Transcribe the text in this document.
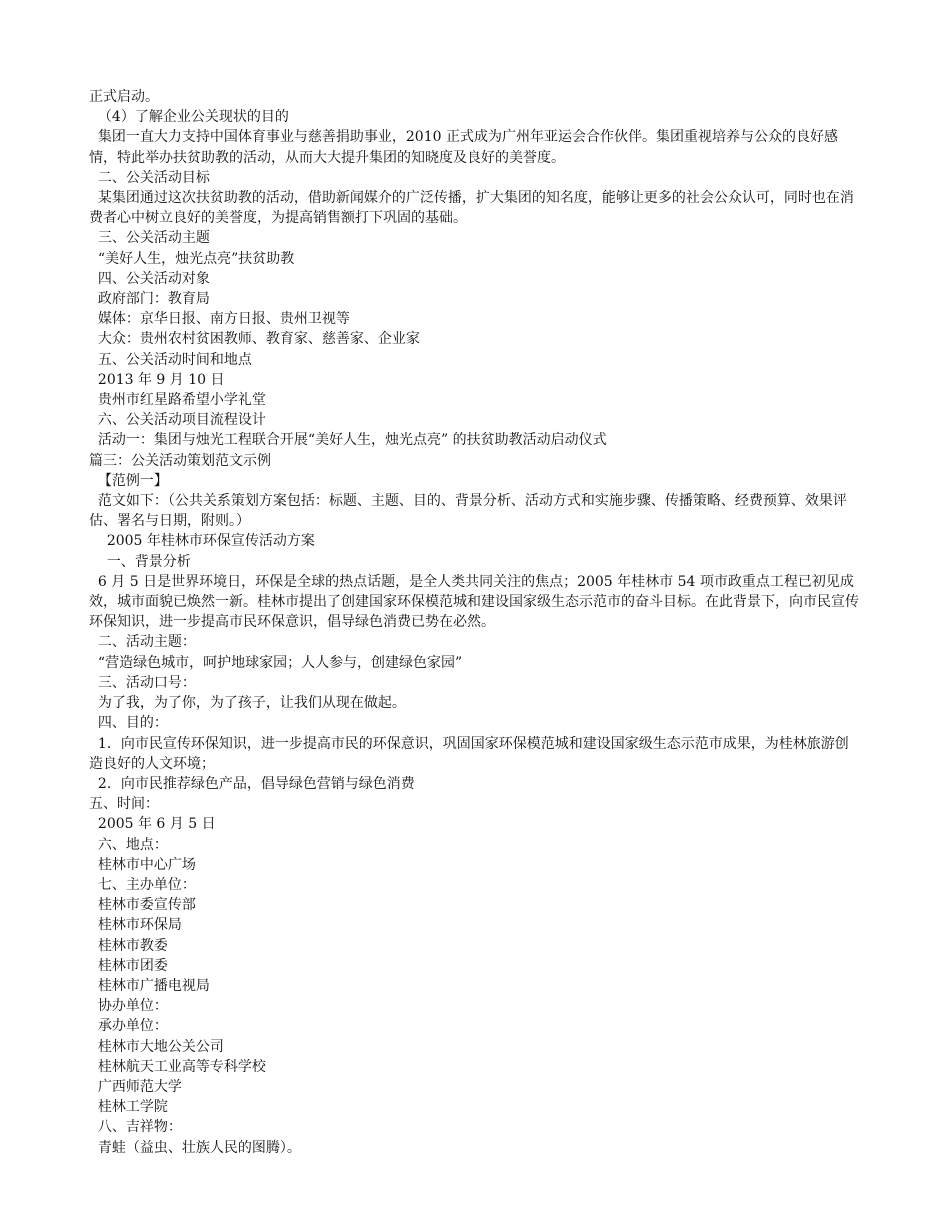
正式启动。

（4）了解企业公关现状的目的

集团一直大力支持中国体育事业与慈善捐助事业，2010 正式成为广州年亚运会合作伙伴。集团重视培养与公众的良好感情，特此举办扶贫助教的活动，从而大大提升集团的知晓度及良好的美誉度。

二、公关活动目标

某集团通过这次扶贫助教的活动，借助新闻媒介的广泛传播，扩大集团的知名度，能够让更多的社会公众认可，同时也在消费者心中树立良好的美誉度，为提高销售额打下巩固的基础。

三、公关活动主题

“美好人生，烛光点亮”扶贫助教

四、公关活动对象

政府部门：教育局

媒体：京华日报、南方日报、贵州卫视等

大众：贵州农村贫困教师、教育家、慈善家、企业家

五、公关活动时间和地点

2013 年 9 月 10 日

贵州市红星路希望小学礼堂

六、公关活动项目流程设计

活动一：集团与烛光工程联合开展“美好人生，烛光点亮” 的扶贫助教活动启动仪式

篇三：公关活动策划范文示例

【范例一】

范文如下：（公共关系策划方案包括：标题、主题、目的、背景分析、活动方式和实施步骤、传播策略、经费预算、效果评估、署名与日期，附则。）

2005 年桂林市环保宣传活动方案

一、背景分析

6 月 5 日是世界环境日，环保是全球的热点话题，是全人类共同关注的焦点；2005 年桂林市 54 项市政重点工程已初见成效，城市面貌已焕然一新。桂林市提出了创建国家环保模范城和建设国家级生态示范市的奋斗目标。在此背景下，向市民宣传环保知识，进一步提高市民环保意识，倡导绿色消费已势在必然。

二、活动主题：

“营造绿色城市，呵护地球家园；人人参与，创建绿色家园”

三、活动口号：

为了我，为了你，为了孩子，让我们从现在做起。

四、目的：

1．向市民宣传环保知识，进一步提高市民的环保意识，巩固国家环保模范城和建设国家级生态示范市成果，为桂林旅游创造良好的人文环境；

2．向市民推荐绿色产品，倡导绿色营销与绿色消费

五、时间：

2005 年 6 月 5 日

六、地点：

桂林市中心广场

七、主办单位：

桂林市委宣传部

桂林市环保局

桂林市教委

桂林市团委

桂林市广播电视局

协办单位：

承办单位：

桂林市大地公关公司

桂林航天工业高等专科学校

广西师范大学

桂林工学院

八、吉祥物：

青蛙（益虫、壮族人民的图腾）。
